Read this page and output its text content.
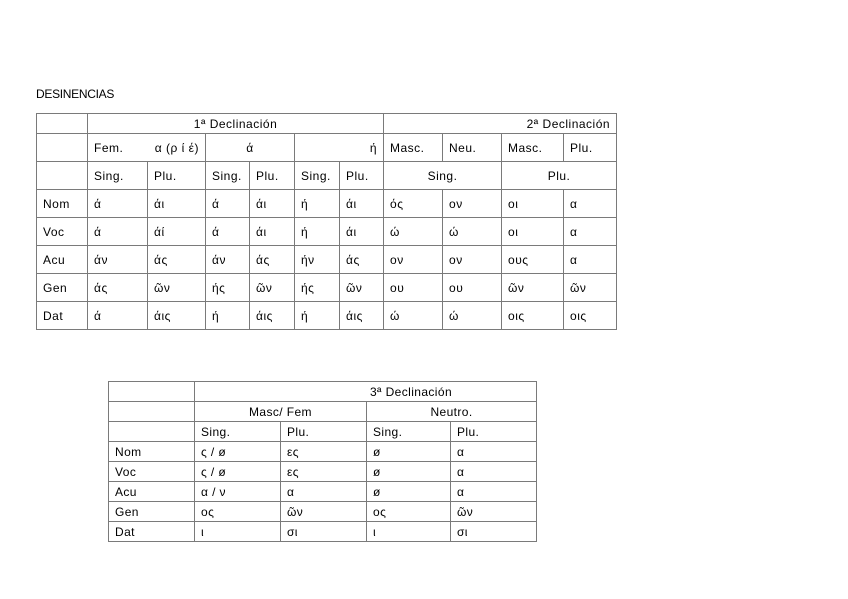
DESINENCIAS
	1ª Declinación						2ª Declinación			

	Fem. α (ρ ί έ)		ά		ή		Masc.	Neu.	Masc.	Plu.
	Sing.	Plu.	Sing.	Plu.	Sing.	Plu.	Sing.		Plu.	
Nom	ά	άι	ά	άι	ή	άι	ός	ον	οι	α
Voc	ά	άί	ά	άι	ή	άι	ώ	ώ	οι	α
Acu	άν	άς	άν	άς	ήν	άς	ον	ον	ους	α
Gen	άς	ῶν	ής	ῶν	ής	ῶν	ου	ου	ῶν	ῶν
Dat	ά	άις	ή	άις	ή	άις	ώ	ώ	οις	οις
	3ª Declinación			
	Masc/ Fem		Neutro.	
	Sing.	Plu.	Sing.	Plu.
Nom	ς / ø	ες	ø	α
Voc	ς / ø	ες	ø	α
Acu	α / ν	α	ø	α
Gen	ος	ῶν	ος	ῶν
Dat	ι	σι	ι	σι
